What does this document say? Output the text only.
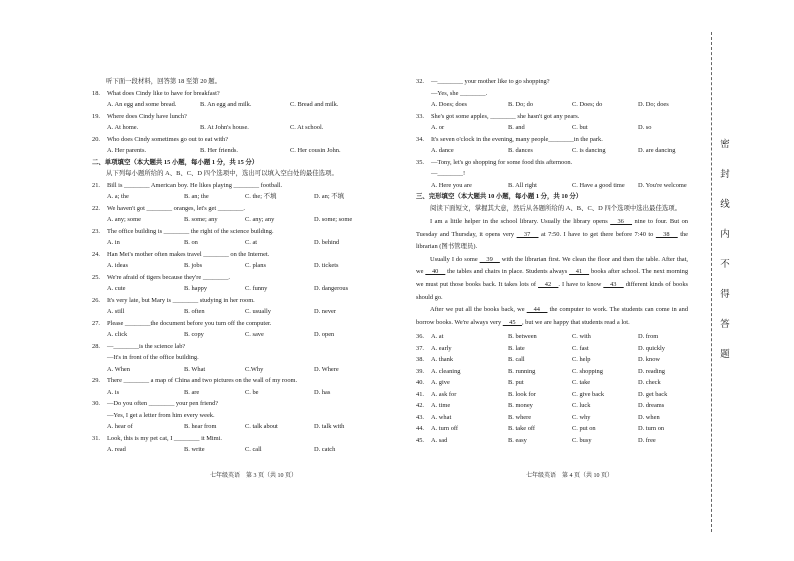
听下面一段材料，回答第 18 至第 20 题。
18. What does Cindy like to have for breakfast?
A. An egg and some bread.	B. An egg and milk.	C. Bread and milk.
19. Where does Cindy have lunch?
A. At home.	B. At John's house.	C. At school.
20. Who does Cindy sometimes go out to eat with?
A. Her parents.	B. Her friends.	C. Her cousin John.
二、单项填空（本大题共 15 小题，每小题 1 分，共 15 分）
从下列每小题所给的 A、B、C、D 四个选项中，选出可以填入空白处的最佳选项。
21. Bill is ________ American boy. He likes playing ________ football.
A. a; the	B. an; the	C. the; 不填	D. an; 不填
22. We haven't got ________ oranges, let's get ________.
A. any; some	B. some; any	C. any; any	D. some; some
23. The office building is ________ the right of the science building.
A. in	B. on	C. at	D. behind
24. Han Mei's mother often makes travel ________ on the Internet.
A. ideas	B. jobs	C. plans	D. tickets
25. We're afraid of tigers because they're ________.
A. cute	B. happy	C. funny	D. dangerous
26. It's very late, but Mary is ________ studying in her room.
A. still	B. often	C. usually	D. never
27. Please ________the document before you turn off the computer.
A. click	B. copy	C. save	D. open
28. —________is the science lab?
—It's in front of the office building.
A. When	B. What	C.Why	D. Where
29. There ________ a map of China and two pictures on the wall of my room.
A. is	B. are	C. be	D. has
30. —Do you often ________ your pen friend?
—Yes, I get a letter from him every week.
A. hear of	B. hear from	C. talk about	D. talk with
31. Look, this is my pet cat, I ________ it Mimi.
A. read	B. write	C. call	D. catch
32. —________ your mother like to go shopping?
—Yes, she ________.
A. Does; does	B. Do; do	C. Does; do	D. Do; does
33. She's got some apples, ________ she hasn't got any pears.
A. or	B. and	C. but	D. so
34. It's seven o'clock in the evening, many people________in the park.
A. dance	B. dances	C. is dancing	D. are dancing
35. —Tony, let's go shopping for some food this afternoon.
—________!
A. Here you are	B. All right	C. Have a good time D. You're welcome
三、完形填空（本大题共 10 小题，每小题 1 分，共 10 分）
阅读下面短文，掌握其大意，然后从各题所给的 A、B、C、D 四个选项中选出最佳选项。
I am a little helper in the school library. Usually the library opens 　36　 nine to four. But on Tuesday and Thursday, it opens very 　37　 at 7:50. I have to get there before 7:40 to 　38　 the librarian (图书管理员).
Usually I do some 　39　 with the librarian first. We clean the floor and then the table. After that, we 　40　 the tables and chairs in place. Students always 　41　 books after school. The next morning we must put those books back. It takes lots of 　42　. I have to know 　43　 different kinds of books should go.
After we put all the books back, we 　44　 the computer to work. The students can come in and borrow books. We're always very 　45　, but we are happy that students read a lot.
36. A. at	B. between	C. with	D. from
37. A. early	B. late	C. fast	D. quickly
38. A. thank	B. call	C. help	D. know
39. A. cleaning	B. running	C. shopping	D. reading
40. A. give	B. put	C. take	D. check
41. A. ask for	B. look for	C. give back	D. get back
42. A. time	B. money	C. luck	D. dreams
43. A. what	B. where	C. why	D. when
44. A. turn off	B. take off	C. put on	D. turn on
45. A. sad	B. easy	C. busy	D. free
七年级英语　第 3 页（共 10 页）	七年级英语　第 4 页（共 10 页）
密
封
线
内
不
得
答
题
